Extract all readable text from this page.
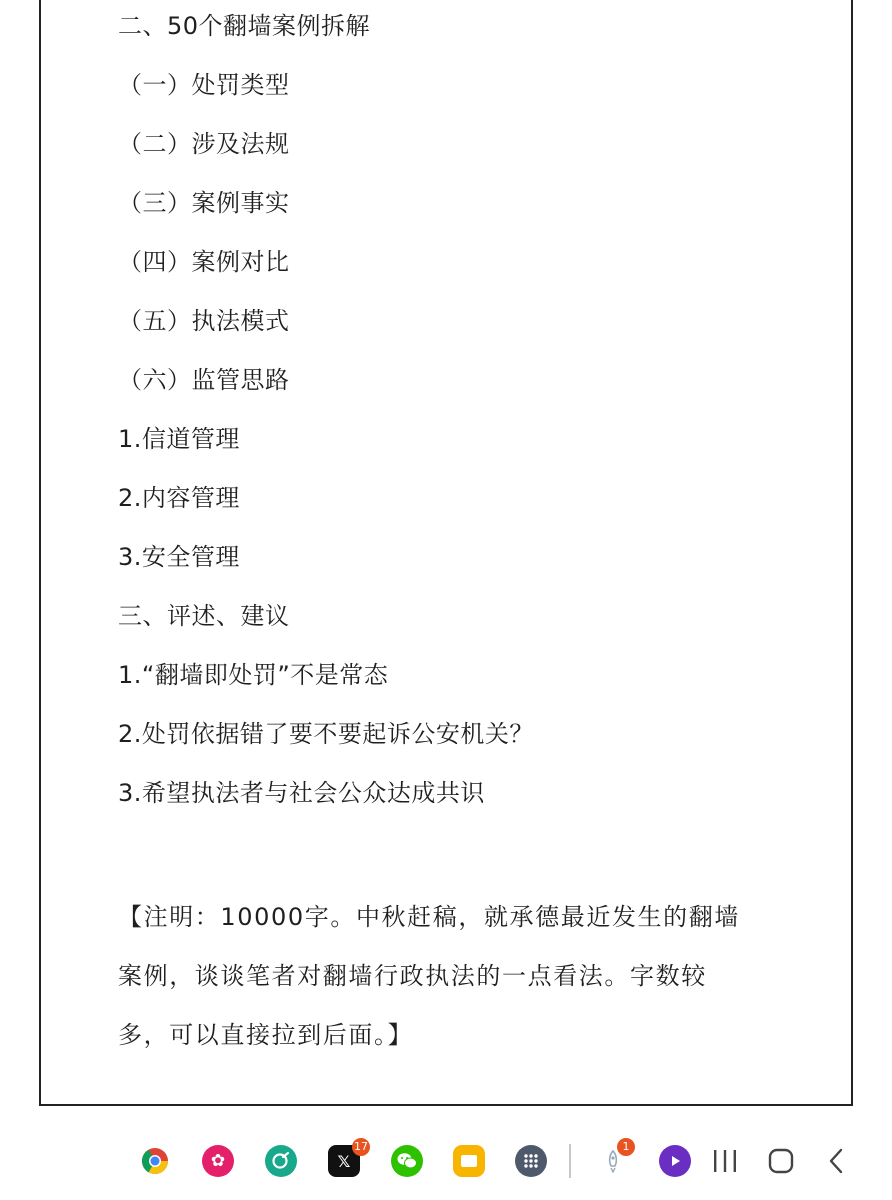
二、50个翻墙案例拆解
（一）处罚类型
（二）涉及法规
（三）案例事实
（四）案例对比
（五）执法模式
（六）监管思路
1.信道管理
2.内容管理
3.安全管理
三、评述、建议
1.“翻墙即处罚”不是常态
2.处罚依据错了要不要起诉公安机关？
3.希望执法者与社会公众达成共识
【注明：10000字。中秋赶稿，就承德最近发生的翻墙
案例，谈谈笔者对翻墙行政执法的一点看法。字数较
多，可以直接拉到后面。】
✿	𝕏
17	1
